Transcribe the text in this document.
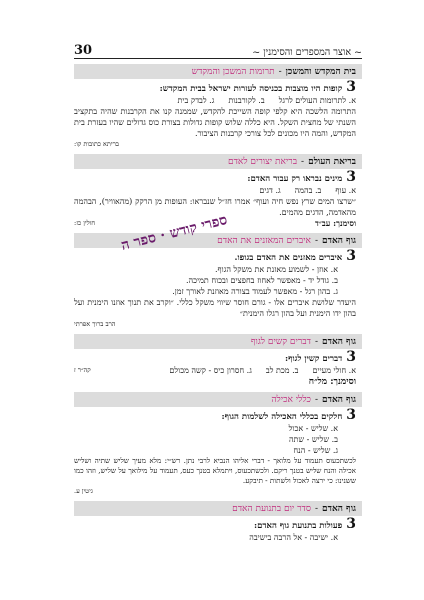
30	~ אוצר המספרים והסימנין ~
בית המקדש והמשכן
-
תרומות המשכן והמקדש
3
קופות היו מוצבות בכניסה לעזרות ישראל בבית המקדש:
א. לתרומות העולים לרגל
ב. לקורבנות
ג. לבדק בית
התרומה הלשכה היא קלפי קופה השייכת להקדש, שממנה קנו את הקרבנות שהיה בתקציב השנתי של מחצית השקל. היא כללה שלוש קופות גדולות בצורת כוס גדולים שהיו בעזרת בית המקדש, והמה היו מכונים לכל צורכי קרבנות הציבור.
בריתא כתובות קו:
בריאת העולם
-
בריאת יצורים לאדם
3
מינים נבראו רק עבור האדם:
א. עוף
ב. בהמה
ג. דגים
״שרצו המים שרץ נפש חיה ועוף״ אמרו חז״ל שנבראו: העופות מן הרקק (מהאוויר), הבהמה מהאדמה, הדגים מהמים.
וסימנך: עב״ד
חולין כז:
גוף האדם
-
איברים המאזנים את האדם
3
איברים מאזנים את האדם בגופו.
א. אוזן - לשמוע מאזנת את משקל הגוף.
ב. גודל יד - מאפשר לאחוז בחפצים ובכוח תמיכה.
ג. בהון רגל - מאפשר לעמוד בצורה מאוזנת לאורך זמן.
היעדר שלושת איברים אלו - גורם חוסר שיווי משקל כללי. ״וקרב את תנוך אוזנו הימנית ועל בהון ידו הימנית ועל בהון רגלו הימנית״
הרב ברוך אפרתי
גוף האדם
-
דברים קשים לגוף
3
דברים קשין לגוף:
א. חולי מעיים
ב. מכת לב
ג. חסרון כיס - קשה מכולם
קה״ר ז
וסימנך: מל״ח
גוף האדם
-
כללי אכילה
3
חלקים בכללי האכילה לשלמות הגוף:
א. שליש - אכול
ב. שליש - שתה
ג. שליש - הנח
לכשתכעוס תעמוד על מלואך - דברי אליהו הנביא לרבי נתן. רש״י: מלא מעיך שליש שתיה ושליש אכילה והנח שליש בטנך ריקם. ולכשתכעוס, ויתמלא בטנך כעס, תעמוד על מילואך על שליש, וזהו כמו ששנינו: כי ירצה לאכול ולשתות - תיבקע.
גיטין ע.
גוף האדם
-
סדר יום בתנועת האדם
3
פעולות בתנועת גוף האדם:
א. ישיבה - אל הרבה בישיבה
ספרי קודש · ספר ה
